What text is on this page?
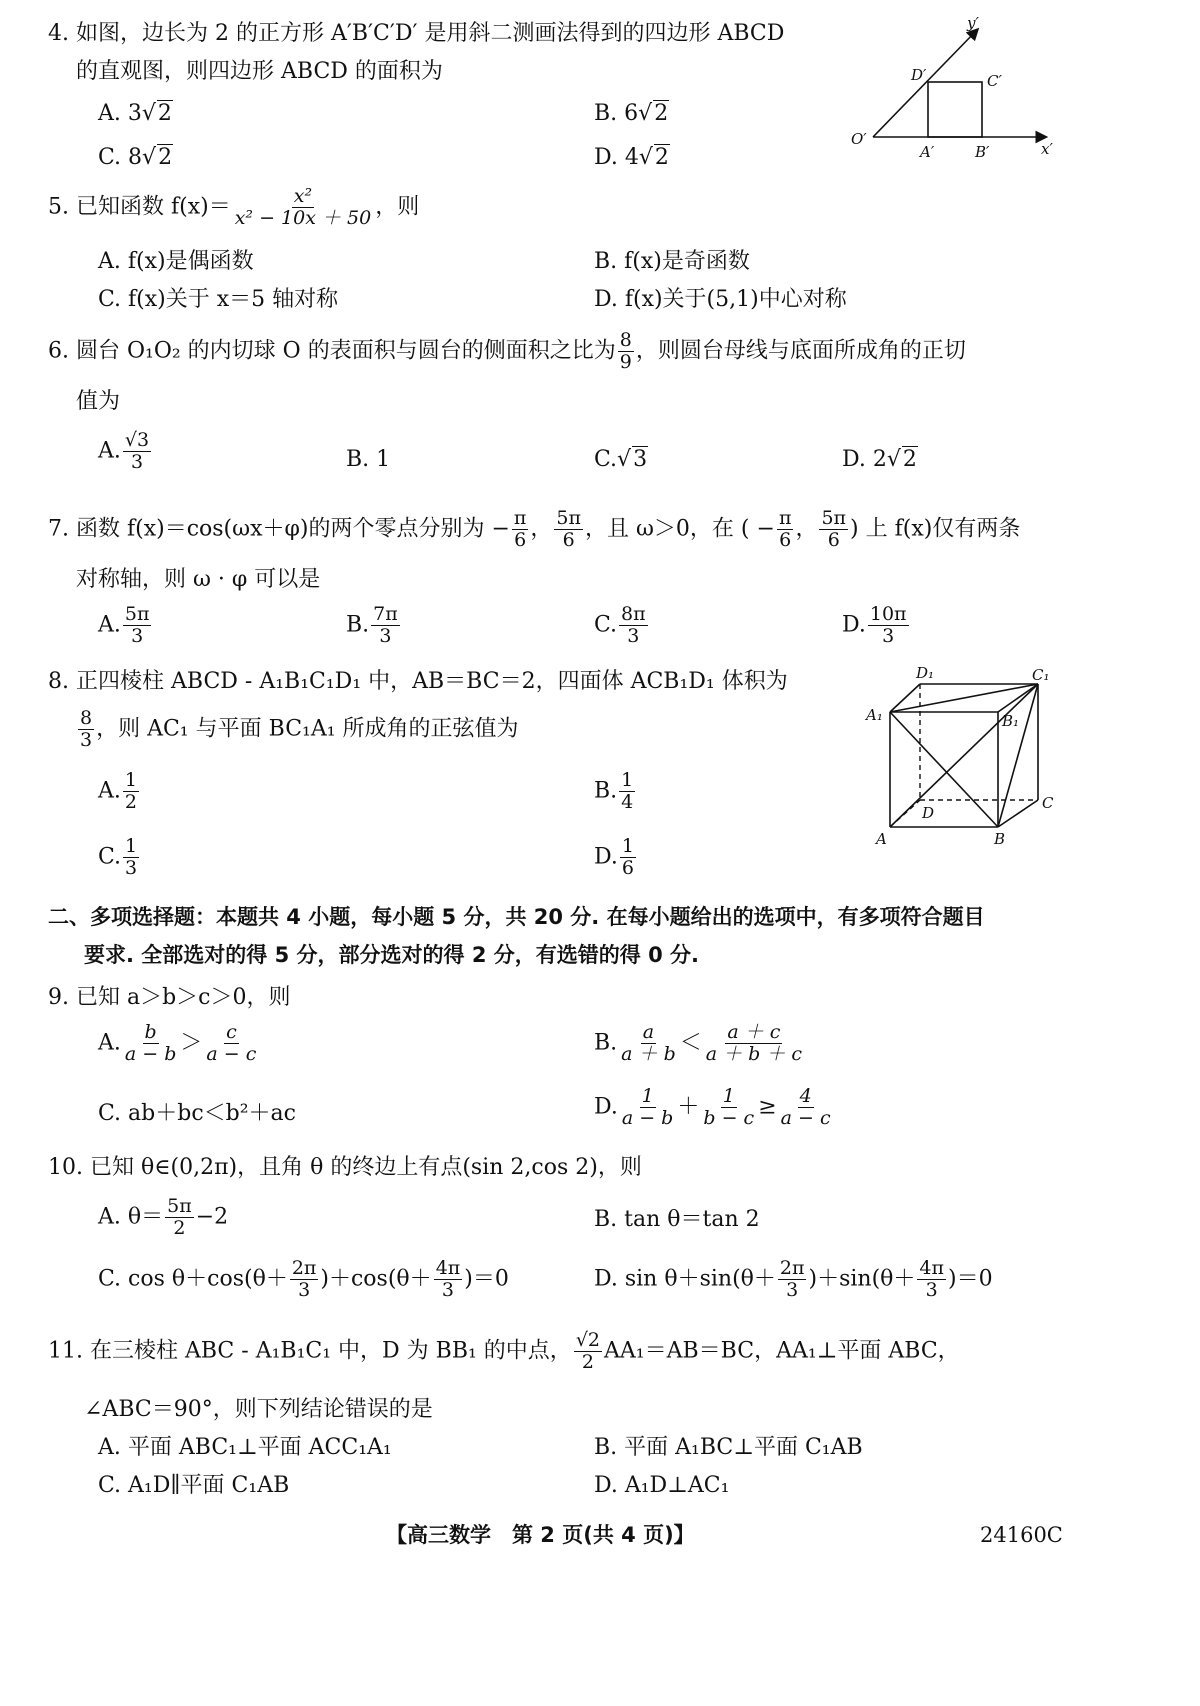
4. 如图，边长为 2 的正方形 A′B′C′D′ 是用斜二测画法得到的四边形 ABCD
的直观图，则四边形 ABCD 的面积为
A. 3 √ 2	B. 6 √ 2
C. 8 √ 2	D. 4 √ 2
y′
x′
O′
A′	B′
C′
D′
5. 已知函数 $f(x)= \frac{\text{x²}}{\text{x² − 10x ＋ 50}}$ ，则
A. f(x)是偶函数	B. f(x)是奇函数
C. f(x)关于 x＝5 轴对称	D. f(x)关于(5,1)中心对称
6. 圆台 O₁O₂ 的内切球 O 的表面积与圆台的侧面积之比为 $\frac{8}{9}$ ，则圆台母线与底面所成角的正切
值为
A. $\frac{√3}{3}$	B. 1	C. √ 3	D. 2 √ 2
7. 函数 f(x)＝cos(ωx＋φ)的两个零点分别为 − $\frac{\pi}{6}$ ， $\frac{5\pi}{6}$ ，且 ω＞0，在 ( − $\frac{\pi}{6}$ ， $\frac{5\pi}{6}$ ) 上 f(x)仅有两条
对称轴，则 ω · φ 可以是
A. $\frac{5\pi}{3}$	B. $\frac{7\pi}{3}$	C. $\frac{8\pi}{3}$	D. $\frac{10\pi}{3}$
8. 正四棱柱 ABCD - A₁B₁C₁D₁ 中，AB＝BC＝2，四面体 ACB₁D₁ 体积为
$\frac{8}{3}$ ，则 AC₁ 与平面 BC₁A₁ 所成角的正弦值为
A. $\frac{1}{2}$	B. $\frac{1}{4}$
C. $\frac{1}{3}$	D. $\frac{1}{6}$
D₁	C₁
A₁	B₁
D
C
A	B
二、多项选择题：本题共 4 小题，每小题 5 分，共 20 分. 在每小题给出的选项中，有多项符合题目
要求. 全部选对的得 5 分，部分选对的得 2 分，有选错的得 0 分.
9. 已知 a＞b＞c＞0，则
A. $\frac{b}{a - b} > \frac{c}{a - c}$	B. $\frac{a}{a + b} < \frac{a + c}{a + b + c}$
C. ab＋bc＜b²＋ac	D. $\frac{1}{a - b} + \frac{1}{b - c} \ge \frac{4}{a - c}$
10. 已知 θ∈(0,2π)，且角 θ 的终边上有点(sin 2,cos 2)，则
A. $\theta= \frac{5\pi}{2} -2$	B. tan θ＝tan 2
C. $\cos \theta+\cos(\theta+ \frac{2\pi}{3} )+\cos(\theta+ \frac{4\pi}{3} )=0$	D. $\sin \theta+\sin(\theta+ \frac{2\pi}{3} )+\sin(\theta+ \frac{4\pi}{3} )=0$
11. 在三棱柱 ABC - A₁B₁C₁ 中，D 为 BB₁ 的中点， $\frac{√2}{2} AA_1=AB=BC$，AA₁⊥平面 ABC，
∠ABC＝90°，则下列结论错误的是
A. 平面 ABC₁⊥平面 ACC₁A₁	B. 平面 A₁BC⊥平面 C₁AB
C. A₁D∥平面 C₁AB	D. A₁D⊥AC₁
【高三数学　第 2 页(共 4 页)】	24160C
